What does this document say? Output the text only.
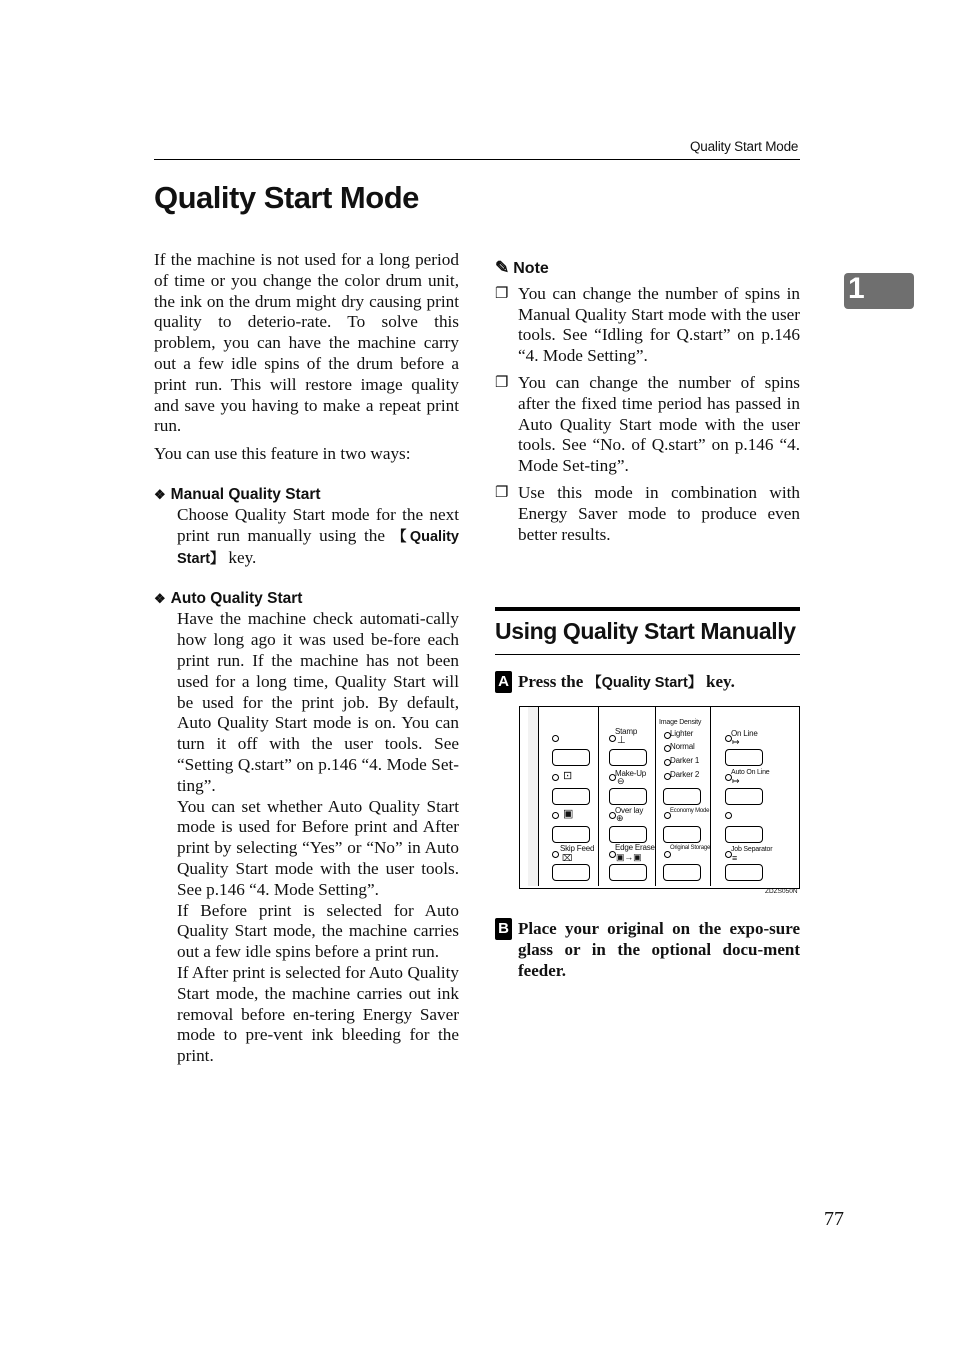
Quality Start Mode
Quality Start Mode
1

If the machine is not used for a long period of time or you change the color drum unit, the ink on the drum might dry causing print quality to deterio-rate. To solve this problem, you can have the machine carry out a few idle spins of the drum before a print run. This will restore image quality and save you having to make a repeat print run.

You can use this feature in two ways:

❖ Manual Quality Start

Choose Quality Start mode for the next print run manually using the 【Quality Start】 key.

❖ Auto Quality Start

Have the machine check automati-cally how long ago it was used be-fore each print run. If the machine has not been used for a long time, Quality Start will be used for the print job. By default, Auto Quality Start mode is on. You can turn it off with the user tools. See “Setting Q.start” on p.146 “4. Mode Set-ting”.

You can set whether Auto Quality Start mode is used for Before print and After print by selecting “Yes” or “No” in Auto Quality Start mode with the user tools. See p.146 “4. Mode Setting”.

If Before print is selected for Auto Quality Start mode, the machine carries out a few idle spins before a print run.

If After print is selected for Auto Quality Start mode, the machine carries out ink removal before en-tering Energy Saver mode to pre-vent ink bleeding for the print.

✎ Note
❐ You can change the number of spins in Manual Quality Start mode with the user tools. See “Idling for Q.start” on p.146 “4. Mode Setting”.
❐ You can change the number of spins after the fixed time period has passed in Auto Quality Start mode with the user tools. See “No. of Q.start” on p.146 “4. Mode Set-ting”.
❐ Use this mode in combination with Energy Saver mode to produce even better results.
Using Quality Start Manually
A Press the 【Quality Start】 key.
⊡
▣
Skip Feed
⌧
Stamp
⊥
Make-Up
⊖
Over lay
⊕
Edge Erase
▣→▣
Image Density
Lighter
Normal
Darker 1
Darker 2
Economy Mode
Original Storage
On Line
↦
Auto On Line
↦
Job Separator
≡
ZDZS050N
B Place your original on the expo-sure glass or in the optional docu-ment feeder.
77
